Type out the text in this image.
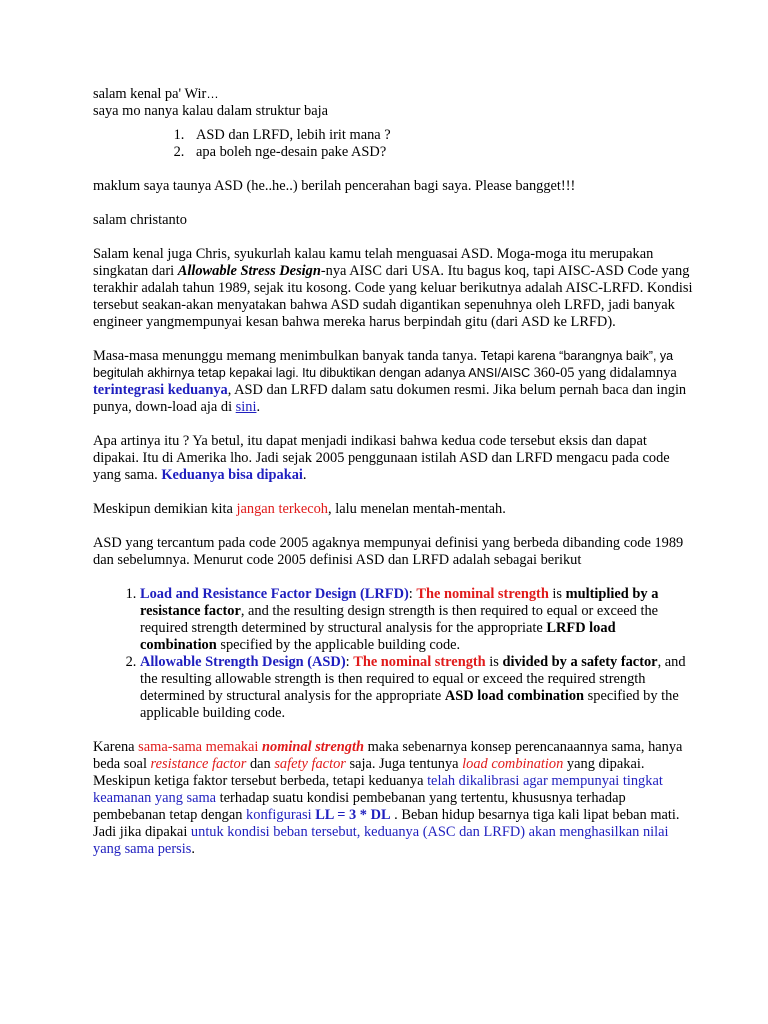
salam kenal pa' Wir…

saya mo nanya kalau dalam struktur baja

1. ASD dan LRFD, lebih irit mana ?
2. apa boleh nge-desain pake ASD?

maklum saya taunya ASD (he..he..) berilah pencerahan bagi saya. Please bangget!!!

salam christanto

Salam kenal juga Chris, syukurlah kalau kamu telah menguasai ASD. Moga-moga itu merupakan singkatan dari Allowable Stress Design-nya AISC dari USA. Itu bagus koq, tapi AISC-ASD Code yang terakhir adalah tahun 1989, sejak itu kosong. Code yang keluar berikutnya adalah AISC-LRFD. Kondisi tersebut seakan-akan menyatakan bahwa ASD sudah digantikan sepenuhnya oleh LRFD, jadi banyak engineer yangmempunyai kesan bahwa mereka harus berpindah gitu (dari ASD ke LRFD).

Masa-masa menunggu memang menimbulkan banyak tanda tanya. Tetapi karena “barangnya baik”, ya begitulah akhirnya tetap kepakai lagi. Itu dibuktikan dengan adanya ANSI/AISC 360-05 yang didalamnya terintegrasi keduanya, ASD dan LRFD dalam satu dokumen resmi. Jika belum pernah baca dan ingin punya, down-load aja di sini.

Apa artinya itu ? Ya betul, itu dapat menjadi indikasi bahwa kedua code tersebut eksis dan dapat dipakai. Itu di Amerika lho. Jadi sejak 2005 penggunaan istilah ASD dan LRFD mengacu pada code yang sama. Keduanya bisa dipakai.

Meskipun demikian kita jangan terkecoh, lalu menelan mentah-mentah.

ASD yang tercantum pada code 2005 agaknya mempunyai definisi yang berbeda dibanding code 1989 dan sebelumnya. Menurut code 2005 definisi ASD dan LRFD adalah sebagai berikut

1. Load and Resistance Factor Design (LRFD): The nominal strength is multiplied by a resistance factor, and the resulting design strength is then required to equal or exceed the required strength determined by structural analysis for the appropriate LRFD load combination specified by the applicable building code.
2. Allowable Strength Design (ASD): The nominal strength is divided by a safety factor, and the resulting allowable strength is then required to equal or exceed the required strength determined by structural analysis for the appropriate ASD load combination specified by the applicable building code.

Karena sama-sama memakai nominal strength maka sebenarnya konsep perencanaannya sama, hanya beda soal resistance factor dan safety factor saja. Juga tentunya load combination yang dipakai. Meskipun ketiga faktor tersebut berbeda, tetapi keduanya telah dikalibrasi agar mempunyai tingkat keamanan yang sama terhadap suatu kondisi pembebanan yang tertentu, khususnya terhadap pembebanan tetap dengan konfigurasi LL = 3 * DL . Beban hidup besarnya tiga kali lipat beban mati. Jadi jika dipakai untuk kondisi beban tersebut, keduanya (ASC dan LRFD) akan menghasilkan nilai yang sama persis.
